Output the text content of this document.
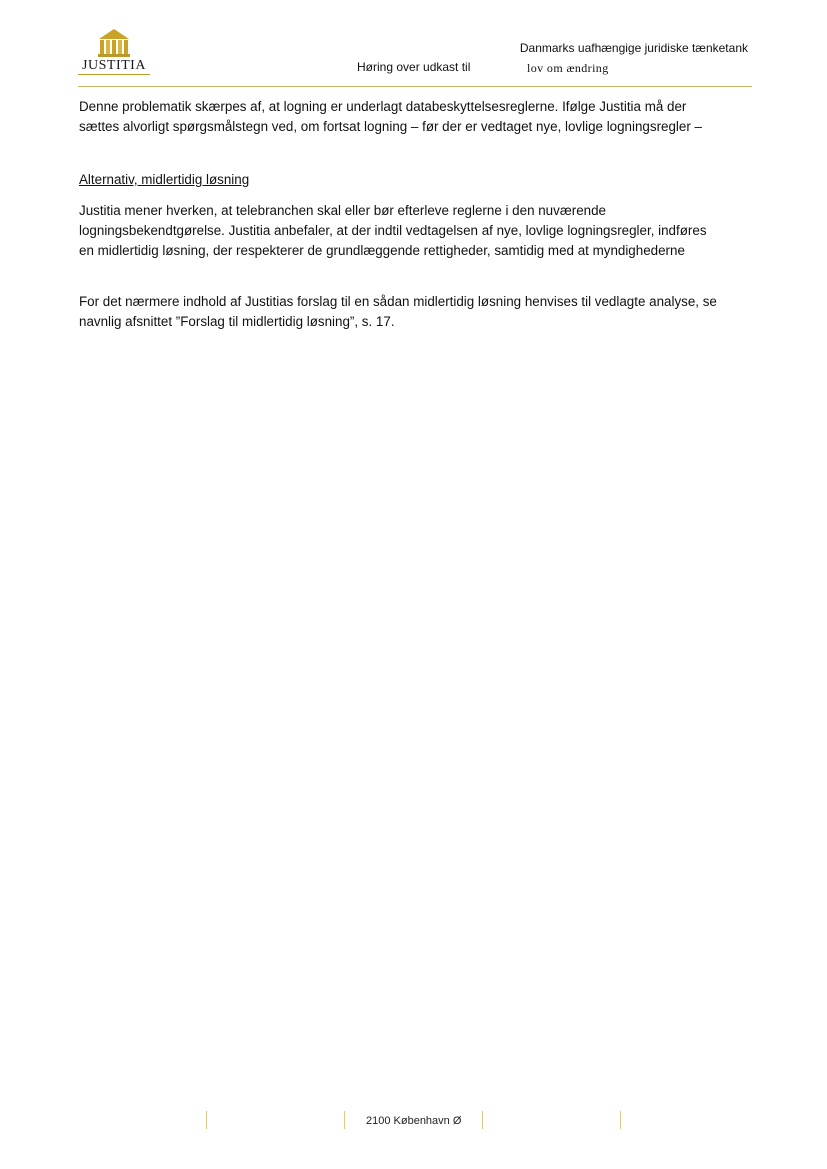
JUSTITIA
Danmarks uafhængige juridiske tænketank
Høring over udkast til	lov om ændring

Denne problematik skærpes af, at logning er underlagt databeskyttelsesreglerne. Ifølge Justitia må der

sættes alvorligt spørgsmålstegn ved, om fortsat logning – før der er vedtaget nye, lovlige logningsregler –

Alternativ, midlertidig løsning

Justitia mener hverken, at telebranchen skal eller bør efterleve reglerne i den nuværende

logningsbekendtgørelse. Justitia anbefaler, at der indtil vedtagelsen af nye, lovlige logningsregler, indføres

en midlertidig løsning, der respekterer de grundlæggende rettigheder, samtidig med at myndighederne

For det nærmere indhold af Justitias forslag til en sådan midlertidig løsning henvises til vedlagte analyse, se

navnlig afsnittet ”Forslag til midlertidig løsning”, s. 17.

2100 København Ø
